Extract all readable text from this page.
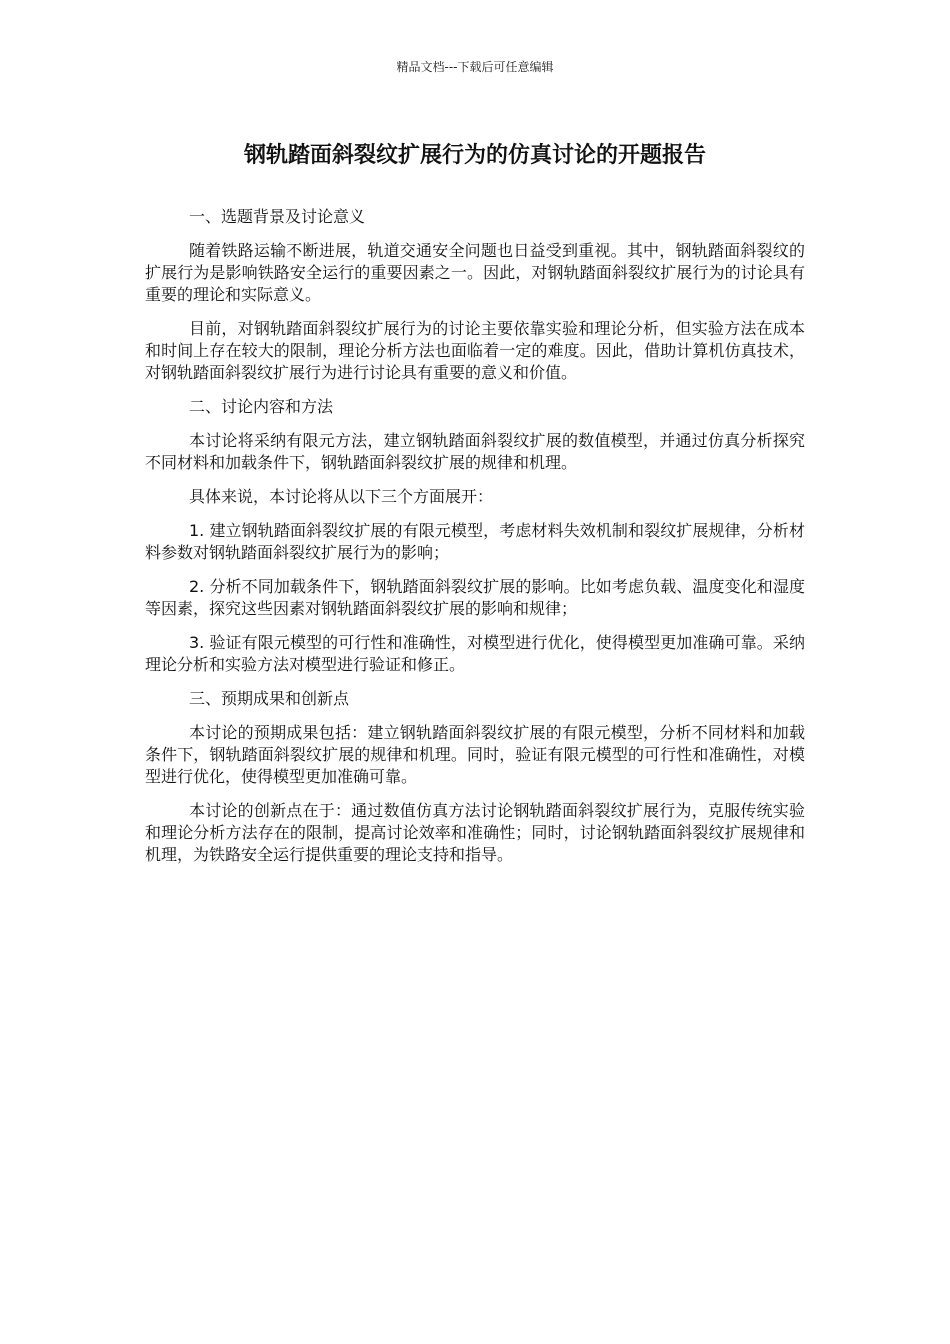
精品文档---下载后可任意编辑
钢轨踏面斜裂纹扩展行为的仿真讨论的开题报告

一、选题背景及讨论意义

随着铁路运输不断进展，轨道交通安全问题也日益受到重视。其中，钢轨踏面斜裂纹的扩展行为是影响铁路安全运行的重要因素之一。因此，对钢轨踏面斜裂纹扩展行为的讨论具有重要的理论和实际意义。

目前，对钢轨踏面斜裂纹扩展行为的讨论主要依靠实验和理论分析，但实验方法在成本和时间上存在较大的限制，理论分析方法也面临着一定的难度。因此，借助计算机仿真技术，对钢轨踏面斜裂纹扩展行为进行讨论具有重要的意义和价值。

二、讨论内容和方法

本讨论将采纳有限元方法，建立钢轨踏面斜裂纹扩展的数值模型，并通过仿真分析探究不同材料和加载条件下，钢轨踏面斜裂纹扩展的规律和机理。

具体来说，本讨论将从以下三个方面展开：

1. 建立钢轨踏面斜裂纹扩展的有限元模型，考虑材料失效机制和裂纹扩展规律，分析材料参数对钢轨踏面斜裂纹扩展行为的影响；

2. 分析不同加载条件下，钢轨踏面斜裂纹扩展的影响。比如考虑负载、温度变化和湿度等因素，探究这些因素对钢轨踏面斜裂纹扩展的影响和规律；

3. 验证有限元模型的可行性和准确性，对模型进行优化，使得模型更加准确可靠。采纳理论分析和实验方法对模型进行验证和修正。

三、预期成果和创新点

本讨论的预期成果包括：建立钢轨踏面斜裂纹扩展的有限元模型，分析不同材料和加载条件下，钢轨踏面斜裂纹扩展的规律和机理。同时，验证有限元模型的可行性和准确性，对模型进行优化，使得模型更加准确可靠。

本讨论的创新点在于：通过数值仿真方法讨论钢轨踏面斜裂纹扩展行为，克服传统实验和理论分析方法存在的限制，提高讨论效率和准确性；同时，讨论钢轨踏面斜裂纹扩展规律和机理，为铁路安全运行提供重要的理论支持和指导。
